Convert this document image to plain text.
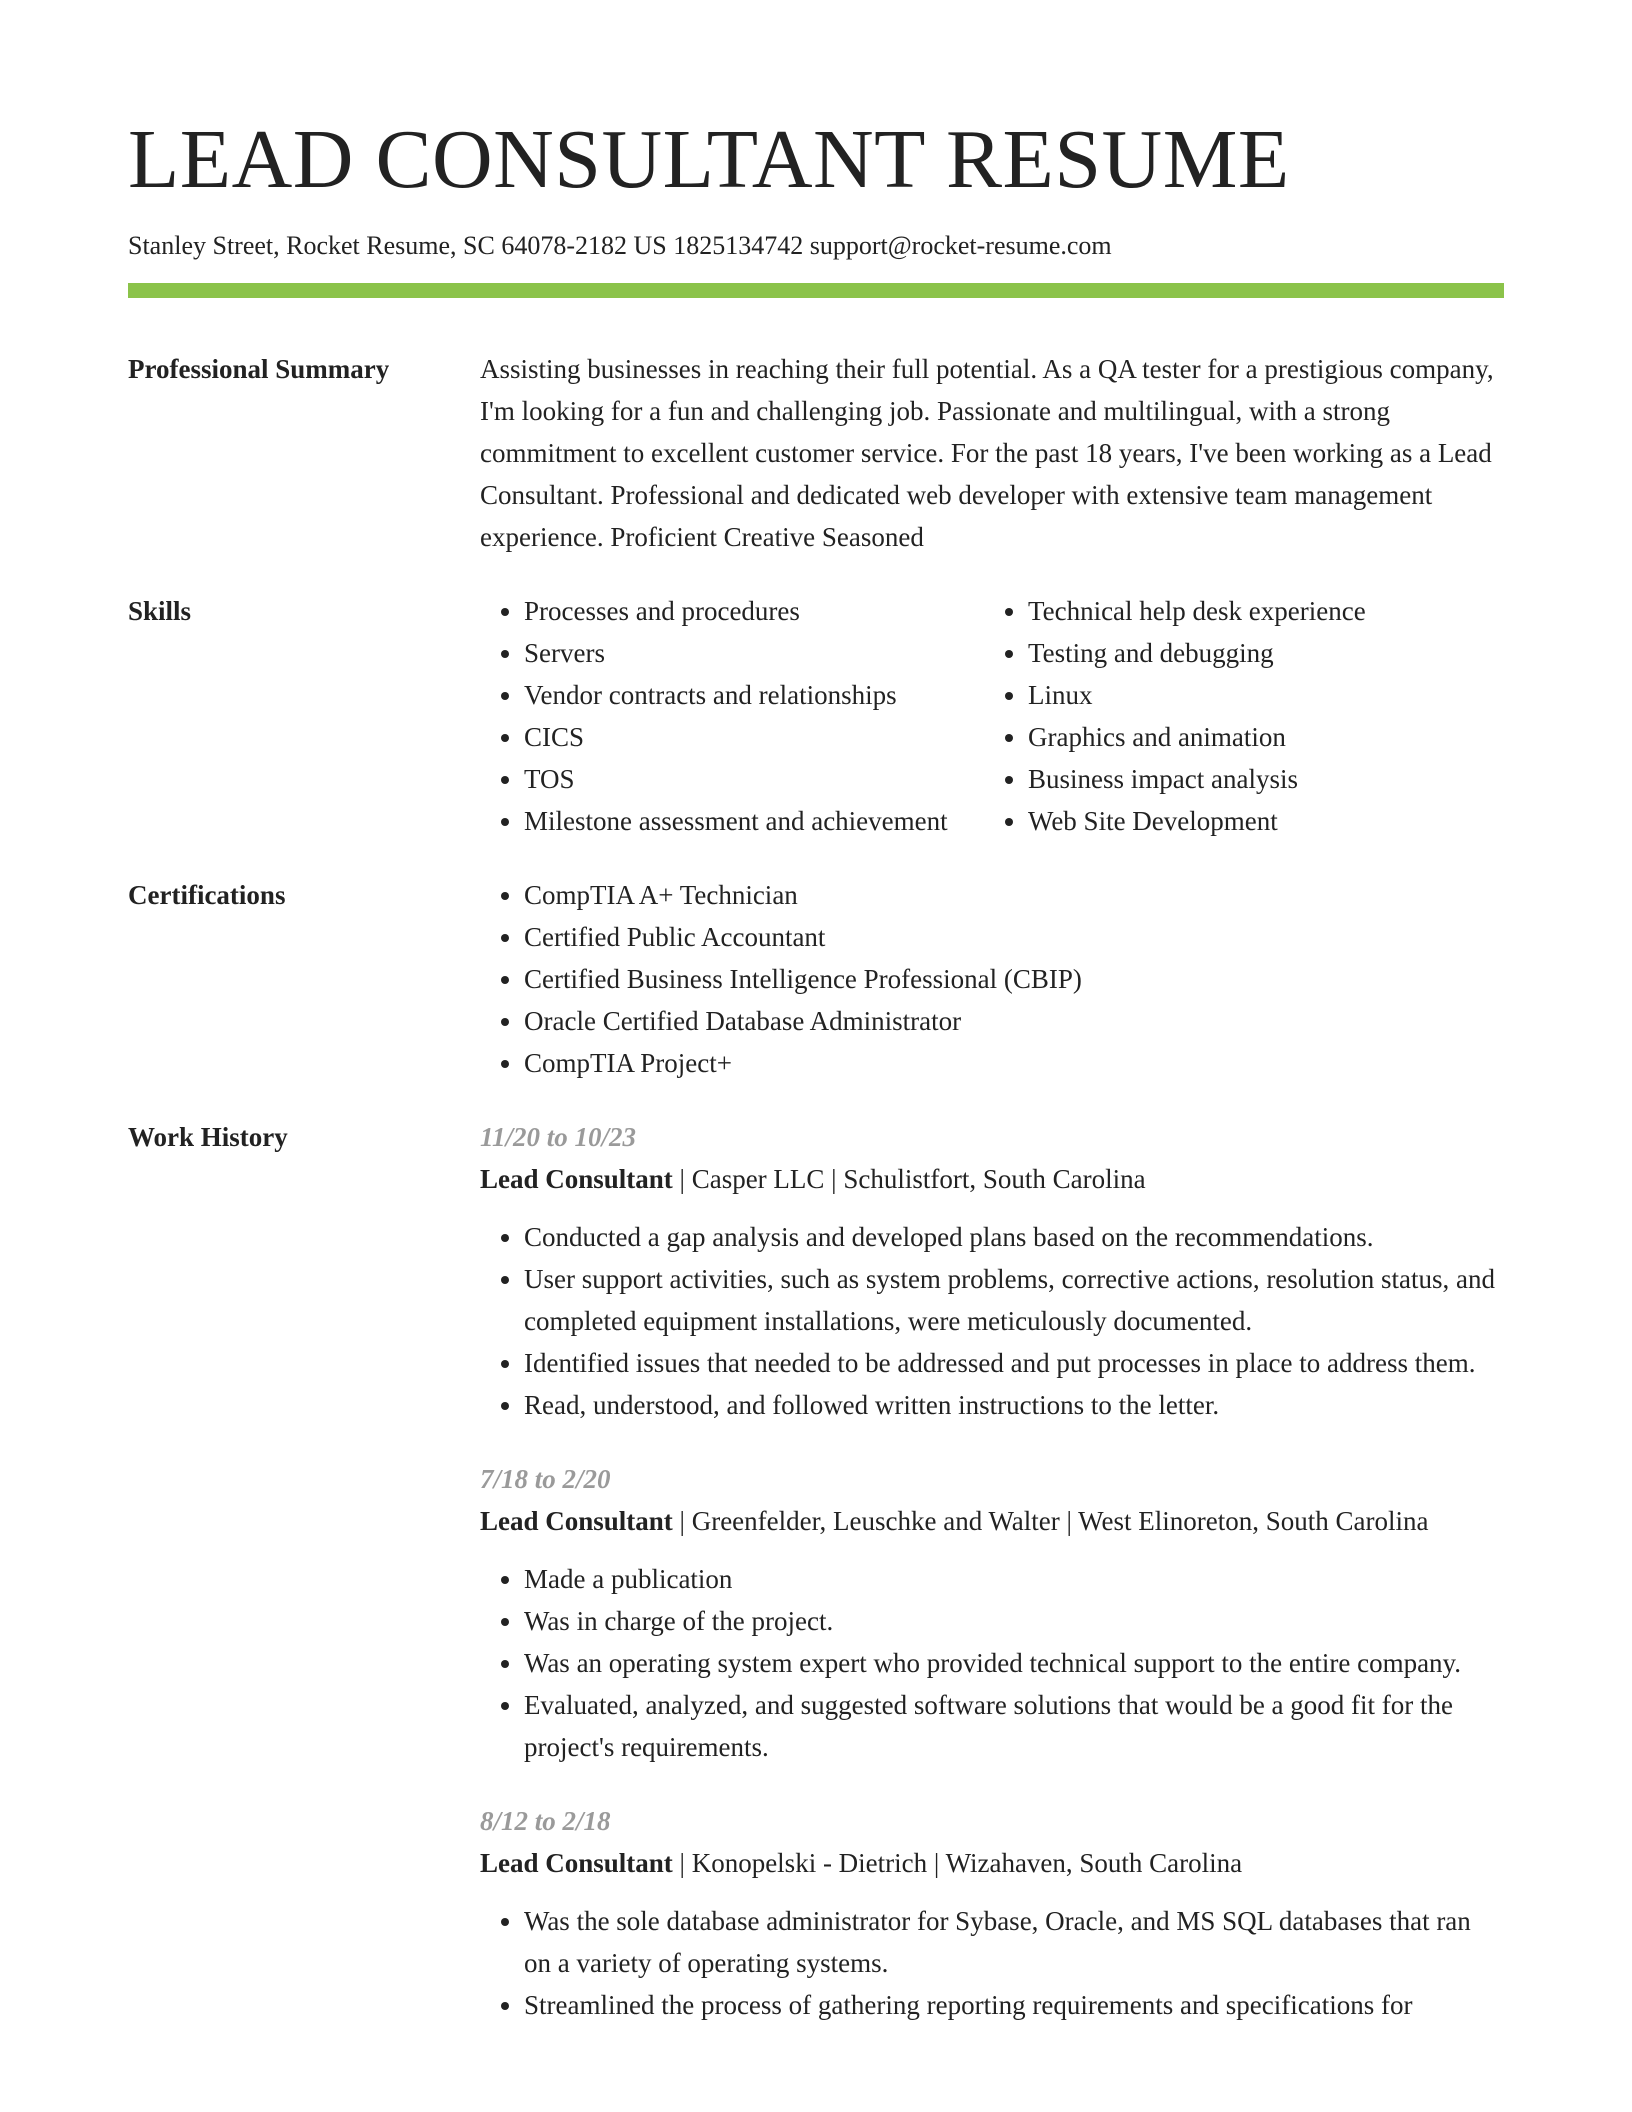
LEAD CONSULTANT RESUME
Stanley Street, Rocket Resume, SC 64078-2182 US 1825134742 support@rocket-resume.com
Professional Summary	Assisting businesses in reaching their full potential. As a QA tester for a prestigious company, I'm looking for a fun and challenging job. Passionate and multilingual, with a strong commitment to excellent customer service. For the past 18 years, I've been working as a Lead Consultant. Professional and dedicated web developer with extensive team management experience. Proficient Creative Seasoned
Skills	• Processes and procedures
• Servers
• Vendor contracts and relationships
• CICS
• TOS
• Milestone assessment and achievement
• Technical help desk experience
• Testing and debugging
• Linux
• Graphics and animation
• Business impact analysis
• Web Site Development
Certifications	• CompTIA A+ Technician
• Certified Public Accountant
• Certified Business Intelligence Professional (CBIP)
• Oracle Certified Database Administrator
• CompTIA Project+
Work History	11/20 to 10/23
Lead Consultant | Casper LLC | Schulistfort, South Carolina
• Conducted a gap analysis and developed plans based on the recommendations.
• User support activities, such as system problems, corrective actions, resolution status, and completed equipment installations, were meticulously documented.
• Identified issues that needed to be addressed and put processes in place to address them.
• Read, understood, and followed written instructions to the letter.
7/18 to 2/20
Lead Consultant | Greenfelder, Leuschke and Walter | West Elinoreton, South Carolina
• Made a publication
• Was in charge of the project.
• Was an operating system expert who provided technical support to the entire company.
• Evaluated, analyzed, and suggested software solutions that would be a good fit for the project's requirements.
8/12 to 2/18
Lead Consultant | Konopelski - Dietrich | Wizahaven, South Carolina
• Was the sole database administrator for Sybase, Oracle, and MS SQL databases that ran on a variety of operating systems.
• Streamlined the process of gathering reporting requirements and specifications for
